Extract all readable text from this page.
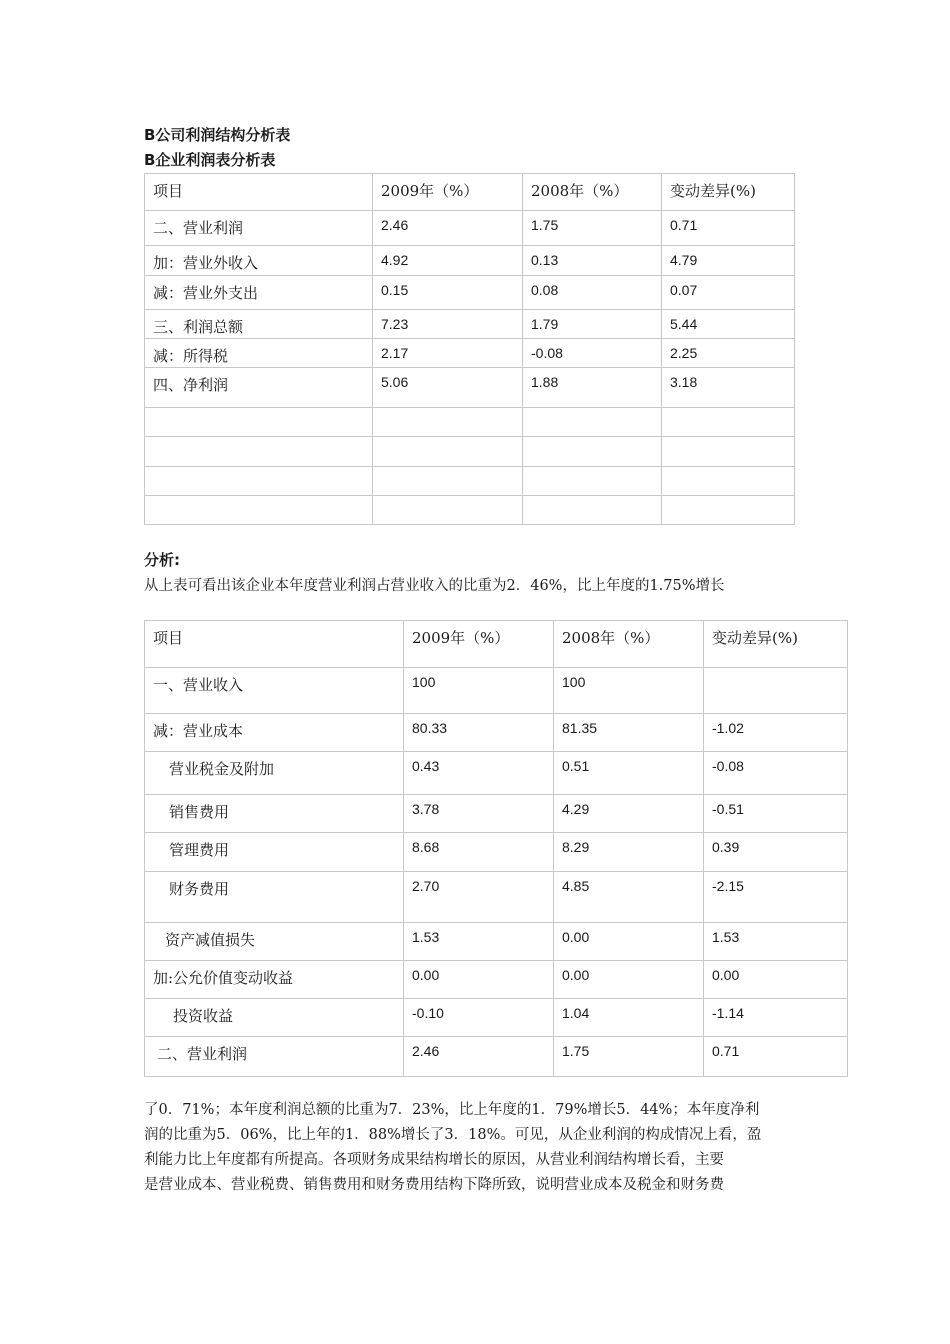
B公司利润结构分析表

B企业利润表分析表

项目	2009年（%）	2008年（%）	变动差异(%)
二、营业利润	2.46	1.75	0.71
加：营业外收入	4.92	0.13	4.79
减：营业外支出	0.15	0.08	0.07
三、利润总额	7.23	1.79	5.44
减：所得税	2.17	-0.08	2.25
四、净利润	5.06	1.88	3.18

分析:

从上表可看出该企业本年度营业利润占营业收入的比重为2．46%，比上年度的1.75%增长

项目	2009年（%）	2008年（%）	变动差异(%)
一、营业收入	100	100	
减：营业成本	80.33	81.35	-1.02
营业税金及附加	0.43	0.51	-0.08
销售费用	3.78	4.29	-0.51
管理费用	8.68	8.29	0.39
财务费用	2.70	4.85	-2.15
资产减值损失	1.53	0.00	1.53
加:公允价值变动收益	0.00	0.00	0.00
投资收益	-0.10	1.04	-1.14
二、营业利润	2.46	1.75	0.71

了0．71%；本年度利润总额的比重为7．23%，比上年度的1．79%增长5．44%；本年度净利

润的比重为5．06%，比上年的1．88%增长了3．18%。可见，从企业利润的构成情况上看，盈

利能力比上年度都有所提高。各项财务成果结构增长的原因，从营业利润结构增长看，主要

是营业成本、营业税费、销售费用和财务费用结构下降所致，说明营业成本及税金和财务费
